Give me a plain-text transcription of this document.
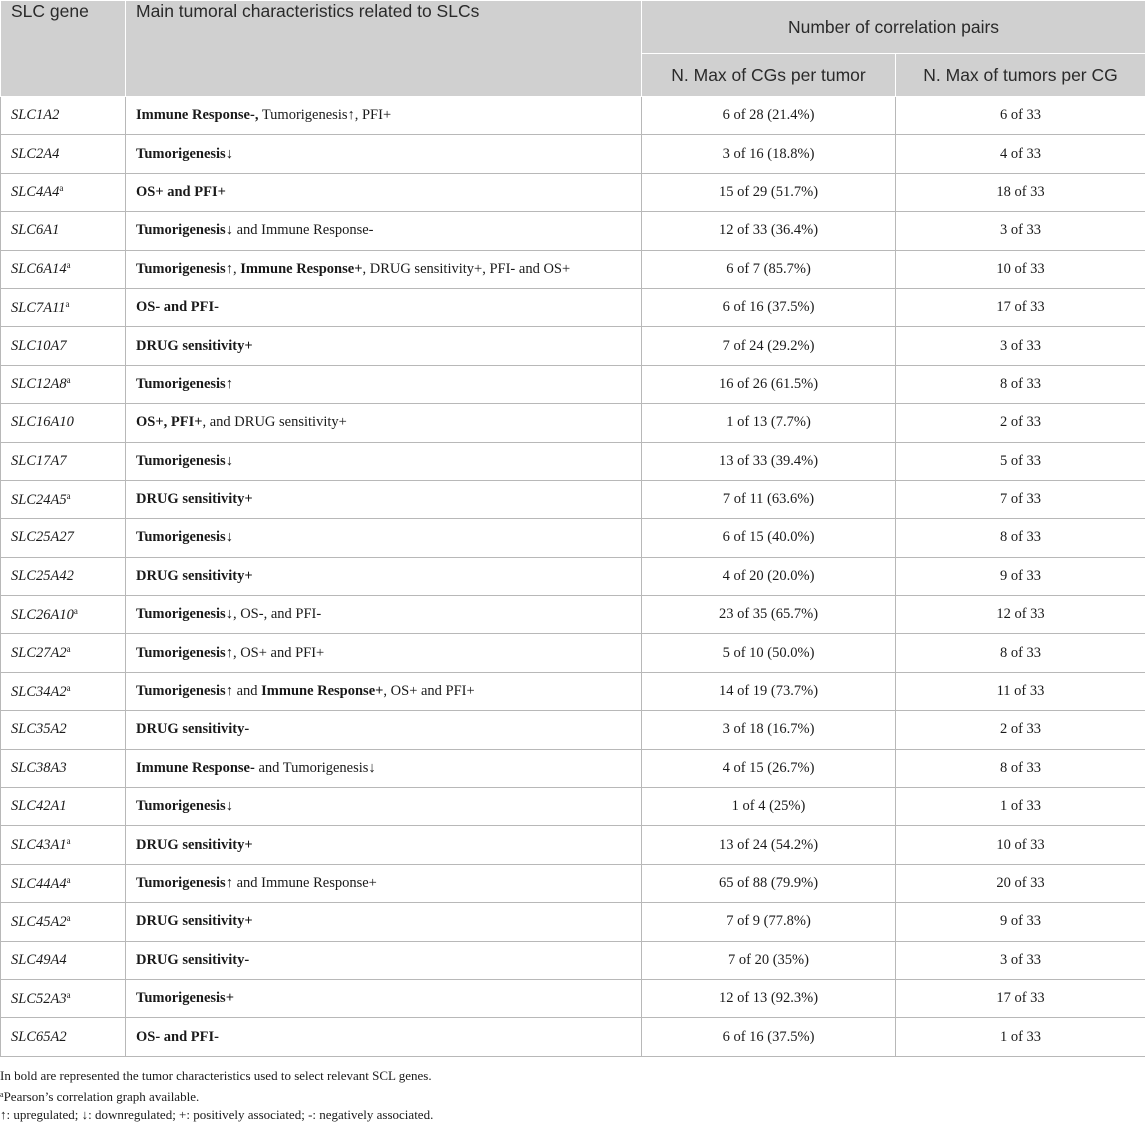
SLC gene	Main tumoral characteristics related to SLCs	Number of correlation pairs	
		N. Max of CGs per tumor	N. Max of tumors per CG
SLC1A2	Immune Response-, Tumorigenesis↑, PFI+	6 of 28 (21.4%)	6 of 33
SLC2A4	Tumorigenesis↓	3 of 16 (18.8%)	4 of 33
SLC4A4$^a$	OS+ and PFI+	15 of 29 (51.7%)	18 of 33
SLC6A1	Tumorigenesis↓ and Immune Response-	12 of 33 (36.4%)	3 of 33
SLC6A14$^a$	Tumorigenesis↑, Immune Response+, DRUG sensitivity+, PFI- and OS+	6 of 7 (85.7%)	10 of 33
SLC7A11$^a$	OS- and PFI-	6 of 16 (37.5%)	17 of 33
SLC10A7	DRUG sensitivity+	7 of 24 (29.2%)	3 of 33
SLC12A8$^a$	Tumorigenesis↑	16 of 26 (61.5%)	8 of 33
SLC16A10	OS+, PFI+, and DRUG sensitivity+	1 of 13 (7.7%)	2 of 33
SLC17A7	Tumorigenesis↓	13 of 33 (39.4%)	5 of 33
SLC24A5$^a$	DRUG sensitivity+	7 of 11 (63.6%)	7 of 33
SLC25A27	Tumorigenesis↓	6 of 15 (40.0%)	8 of 33
SLC25A42	DRUG sensitivity+	4 of 20 (20.0%)	9 of 33
SLC26A10$^a$	Tumorigenesis↓, OS-, and PFI-	23 of 35 (65.7%)	12 of 33
SLC27A2$^a$	Tumorigenesis↑, OS+ and PFI+	5 of 10 (50.0%)	8 of 33
SLC34A2$^a$	Tumorigenesis↑ and Immune Response+, OS+ and PFI+	14 of 19 (73.7%)	11 of 33
SLC35A2	DRUG sensitivity-	3 of 18 (16.7%)	2 of 33
SLC38A3	Immune Response- and Tumorigenesis↓	4 of 15 (26.7%)	8 of 33
SLC42A1	Tumorigenesis↓	1 of 4 (25%)	1 of 33
SLC43A1$^a$	DRUG sensitivity+	13 of 24 (54.2%)	10 of 33
SLC44A4$^a$	Tumorigenesis↑ and Immune Response+	65 of 88 (79.9%)	20 of 33
SLC45A2$^a$	DRUG sensitivity+	7 of 9 (77.8%)	9 of 33
SLC49A4	DRUG sensitivity-	7 of 20 (35%)	3 of 33
SLC52A3$^a$	Tumorigenesis+	12 of 13 (92.3%)	17 of 33
SLC65A2	OS- and PFI-	6 of 16 (37.5%)	1 of 33
In bold are represented the tumor characteristics used to select relevant SCL genes.
$^a$Pearson’s correlation graph available.
↑: upregulated; ↓: downregulated; +: positively associated; -: negatively associated.
